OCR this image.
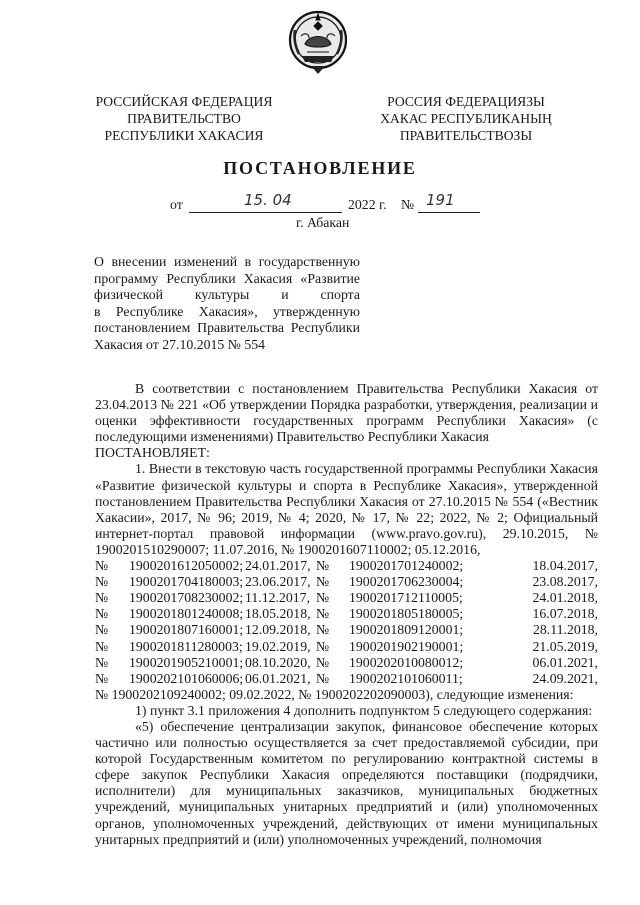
РОССИЙСКАЯ ФЕДЕРАЦИЯ
ПРАВИТЕЛЬСТВО
РЕСПУБЛИКИ ХАКАСИЯ
РОССИЯ ФЕДЕРАЦИЯЗЫ
ХАКАС РЕСПУБЛИКАНЫҢ
ПРАВИТЕЛЬСТВОЗЫ
ПОСТАНОВЛЕНИЕ
от	15. 04	2022 г. № 191
г. Абакан
О внесении изменений в государственную
программу Республики Хакасия «Развитие
физической культуры и спорта
в Республике Хакасия», утвержденную
постановлением Правительства Республики
Хакасия от 27.10.2015 № 554

В соответствии с постановлением Правительства Республики Хакасия от 23.04.2013 № 221 «Об утверждении Порядка разработки, утверждения, реализации и оценки эффективности государственных программ Республики Хакасия» (с последующими изменениями) Правительство Республики Хакасия

ПОСТАНОВЛЯЕТ:

1. Внести в текстовую часть государственной программы Республики Хакасия «Развитие физической культуры и спорта в Республике Хакасия», утвержденной постановлением Правительства Республики Хакасия от 27.10.2015 № 554 («Вестник Хакасии», 2017, № 96; 2019, № 4; 2020, № 17, № 22; 2022, № 2; Официальный интернет-портал правовой информации (www.pravo.gov.ru), 29.10.2015, № 1900201510290007; 11.07.2016, № 1900201607110002; 05.12.2016,

№	1900201612050002; 24.01.2017, №	1900201701240002;	18.04.2017,
№	1900201704180003; 23.06.2017, №	1900201706230004;	23.08.2017,
№	1900201708230002; 11.12.2017, №	1900201712110005;	24.01.2018,
№	1900201801240008; 18.05.2018, №	1900201805180005;	16.07.2018,
№	1900201807160001; 12.09.2018, №	1900201809120001;	28.11.2018,
№	1900201811280003; 19.02.2019, №	1900201902190001;	21.05.2019,
№	1900201905210001; 08.10.2020, №	1900202010080012;	06.01.2021,
№	1900202101060006; 06.01.2021, №	1900202101060011;	24.09.2021,

№ 1900202109240002; 09.02.2022, № 1900202202090003), следующие изменения:

1) пункт 3.1 приложения 4 дополнить подпунктом 5 следующего содержания:

«5) обеспечение централизации закупок, финансовое обеспечение которых частично или полностью осуществляется за счет предоставляемой субсидии, при которой Государственным комитетом по регулированию контрактной системы в сфере закупок Республики Хакасия определяются поставщики (подрядчики, исполнители) для муниципальных заказчиков, муниципальных бюджетных учреждений, муниципальных унитарных предприятий и (или) уполномоченных органов, уполномоченных учреждений, действующих от имени муниципальных унитарных предприятий и (или) уполномоченных учреждений, полномочия
